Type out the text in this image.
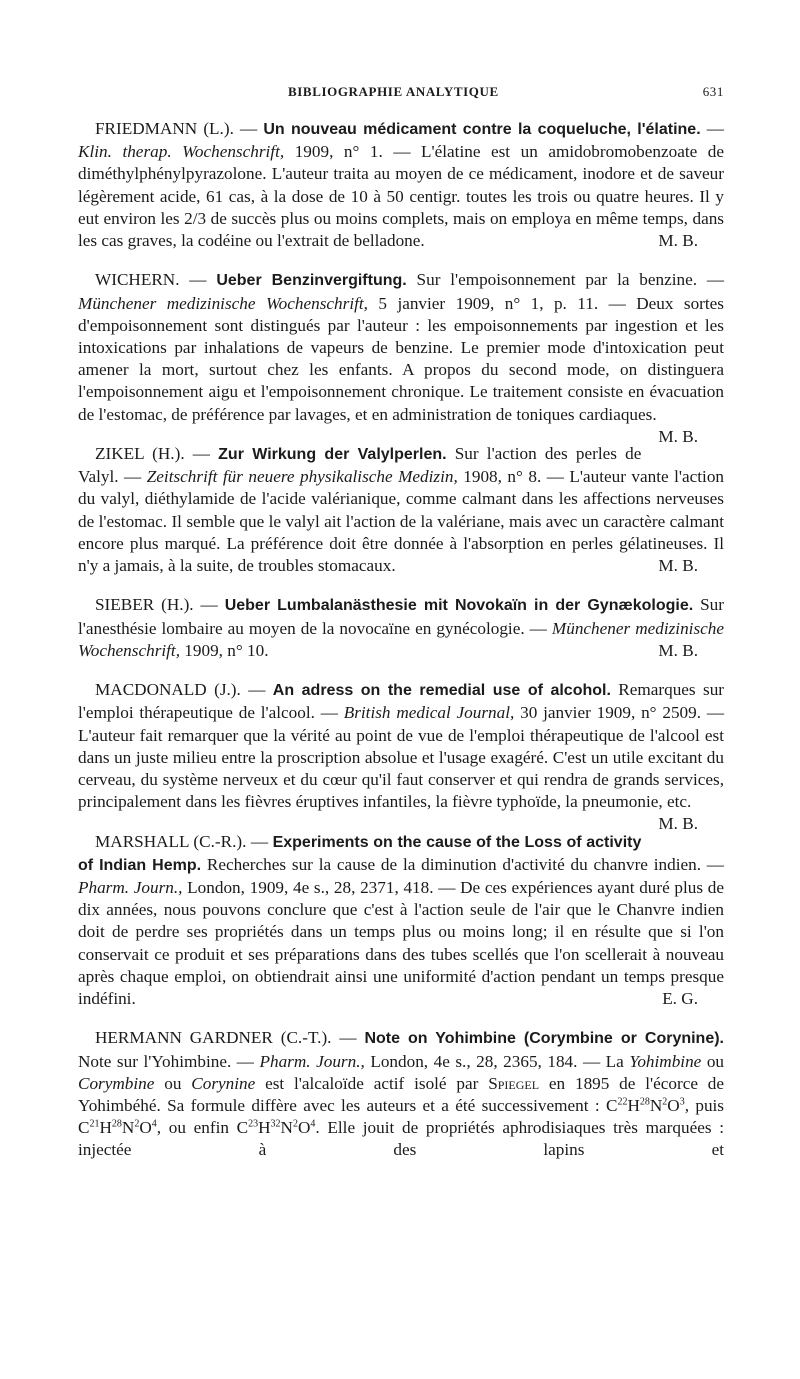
BIBLIOGRAPHIE ANALYTIQUE	631

FRIEDMANN (L.). — Un nouveau médicament contre la coqueluche, l'élatine. — Klin. therap. Wochenschrift, 1909, n° 1. — L'élatine est un amidobromobenzoate de diméthylphénylpyrazolone. L'auteur traita au moyen de ce médicament, inodore et de saveur légèrement acide, 61 cas, à la dose de 10 à 50 centigr. toutes les trois ou quatre heures. Il y eut environ les 2/3 de succès plus ou moins complets, mais on employa en même temps, dans les cas graves, la codéine ou l'extrait de belladone.	M. B.

WICHERN. — Ueber Benzinvergiftung. Sur l'empoisonnement par la benzine. — Münchener medizinische Wochenschrift, 5 janvier 1909, n° 1, p. 11. — Deux sortes d'empoisonnement sont distingués par l'auteur : les empoisonnements par ingestion et les intoxications par inhalations de vapeurs de benzine. Le premier mode d'intoxication peut amener la mort, surtout chez les enfants. A propos du second mode, on distinguera l'empoisonnement aigu et l'empoisonnement chronique. Le traitement consiste en évacuation de l'estomac, de préférence par lavages, et en administration de toniques cardiaques.
M. B.

ZIKEL (H.). — Zur Wirkung der Valylperlen. Sur l'action des perles de Valyl. — Zeitschrift für neuere physikalische Medizin, 1908, n° 8. — L'auteur vante l'action du valyl, diéthylamide de l'acide valérianique, comme calmant dans les affections nerveuses de l'estomac. Il semble que le valyl ait l'action de la valériane, mais avec un caractère calmant encore plus marqué. La préférence doit être donnée à l'absorption en perles gélatineuses. Il n'y a jamais, à la suite, de troubles stomacaux.	M. B.

SIEBER (H.). — Ueber Lumbalanästhesie mit Novokaïn in der Gynækologie. Sur l'anesthésie lombaire au moyen de la novocaïne en gynécologie. — Münchener medizinische Wochenschrift, 1909, n° 10.	M. B.

MACDONALD (J.). — An adress on the remedial use of alcohol. Remarques sur l'emploi thérapeutique de l'alcool. — British medical Journal, 30 janvier 1909, n° 2509. — L'auteur fait remarquer que la vérité au point de vue de l'emploi thérapeutique de l'alcool est dans un juste milieu entre la proscription absolue et l'usage exagéré. C'est un utile excitant du cerveau, du système nerveux et du cœur qu'il faut conserver et qui rendra de grands services, principalement dans les fièvres éruptives infantiles, la fièvre typhoïde, la pneumonie, etc.
M. B.

MARSHALL (C.-R.). — Experiments on the cause of the Loss of activity of Indian Hemp. Recherches sur la cause de la diminution d'activité du chanvre indien. — Pharm. Journ., London, 1909, 4e s., 28, 2371, 418. — De ces expériences ayant duré plus de dix années, nous pouvons conclure que c'est à l'action seule de l'air que le Chanvre indien doit de perdre ses propriétés dans un temps plus ou moins long; il en résulte que si l'on conservait ce produit et ses préparations dans des tubes scellés que l'on scellerait à nouveau après chaque emploi, on obtiendrait ainsi une uniformité d'action pendant un temps presque indéfini.	E. G.

HERMANN GARDNER (C.-T.). — Note on Yohimbine (Corymbine or Corynine). Note sur l'Yohimbine. — Pharm. Journ., London, 4e s., 28, 2365, 184. — La Yohimbine ou Corymbine ou Corynine est l'alcaloïde actif isolé par Spiegel en 1895 de l'écorce de Yohimbéhé. Sa formule diffère avec les auteurs et a été successivement : $C^{22}H^{28}N^2O^3$, puis $C^{21}H^{28}N^2O^4$, ou enfin $C^{23}H^{32}N^2O^4$. Elle jouit de propriétés aphrodisiaques très marquées : injectée à des lapins et
